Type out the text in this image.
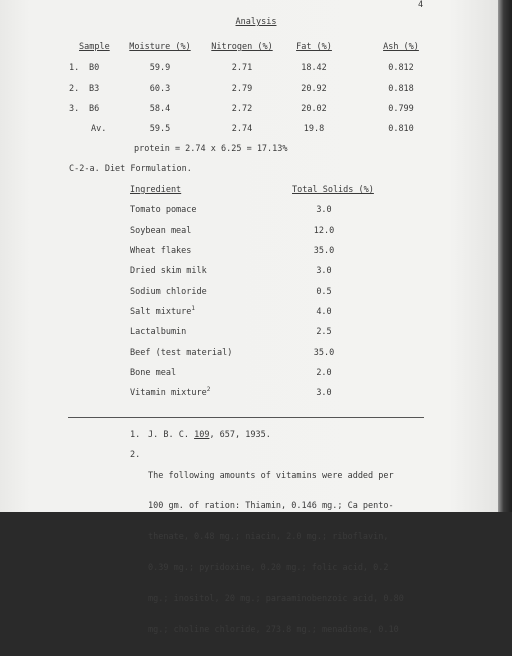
4
Analysis
Sample	Moisture (%)	Nitrogen (%)	Fat (%)	Ash (%)
1. B0	59.9	2.71	18.42	0.812
2. B3	60.3	2.79	20.92	0.818
3. B6	58.4	2.72	20.02	0.799
Av.	59.5	2.74	19.8	0.810
protein = 2.74 x 6.25 = 17.13%
C-2-a. Diet Formulation.
Ingredient	Total Solids (%)
Tomato pomace	3.0
Soybean meal	12.0
Wheat flakes	35.0
Dried skim milk	3.0
Sodium chloride	0.5
Salt mixture$^1$	4.0
Lactalbumin	2.5
Beef (test material)	35.0
Bone meal	2.0
Vitamin mixture$^2$	3.0
1. J. B. C. 109, 657, 1935.
2.

The following amounts of vitamins were added per

100 gm. of ration: Thiamin, 0.146 mg.; Ca pento-

thenate, 0.48 mg.; niacin, 2.0 mg.; riboflavin,

0.39 mg.; pyridoxine, 0.20 mg.; folic acid, 0.2

mg.; inositol, 20 mg.; paraaminobenzoic acid, 0.80

mg.; choline chloride, 273.8 mg.; menadione, 0.10
